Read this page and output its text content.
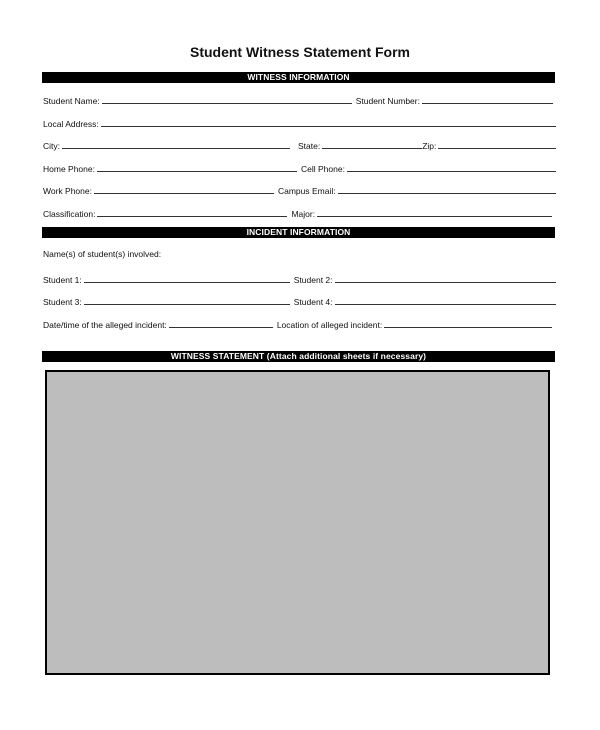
Student Witness Statement Form
WITNESS INFORMATION
Student Name:	Student Number:
Local Address:
City:	State:	Zip:
Home Phone:	Cell Phone:
Work Phone:	Campus Email:
Classification:	Major:
INCIDENT INFORMATION
Name(s) of student(s) involved:
Student 1:	Student 2:
Student 3:	Student 4:
Date/time of the alleged incident:	Location of alleged incident:
WITNESS STATEMENT (Attach additional sheets if necessary)
